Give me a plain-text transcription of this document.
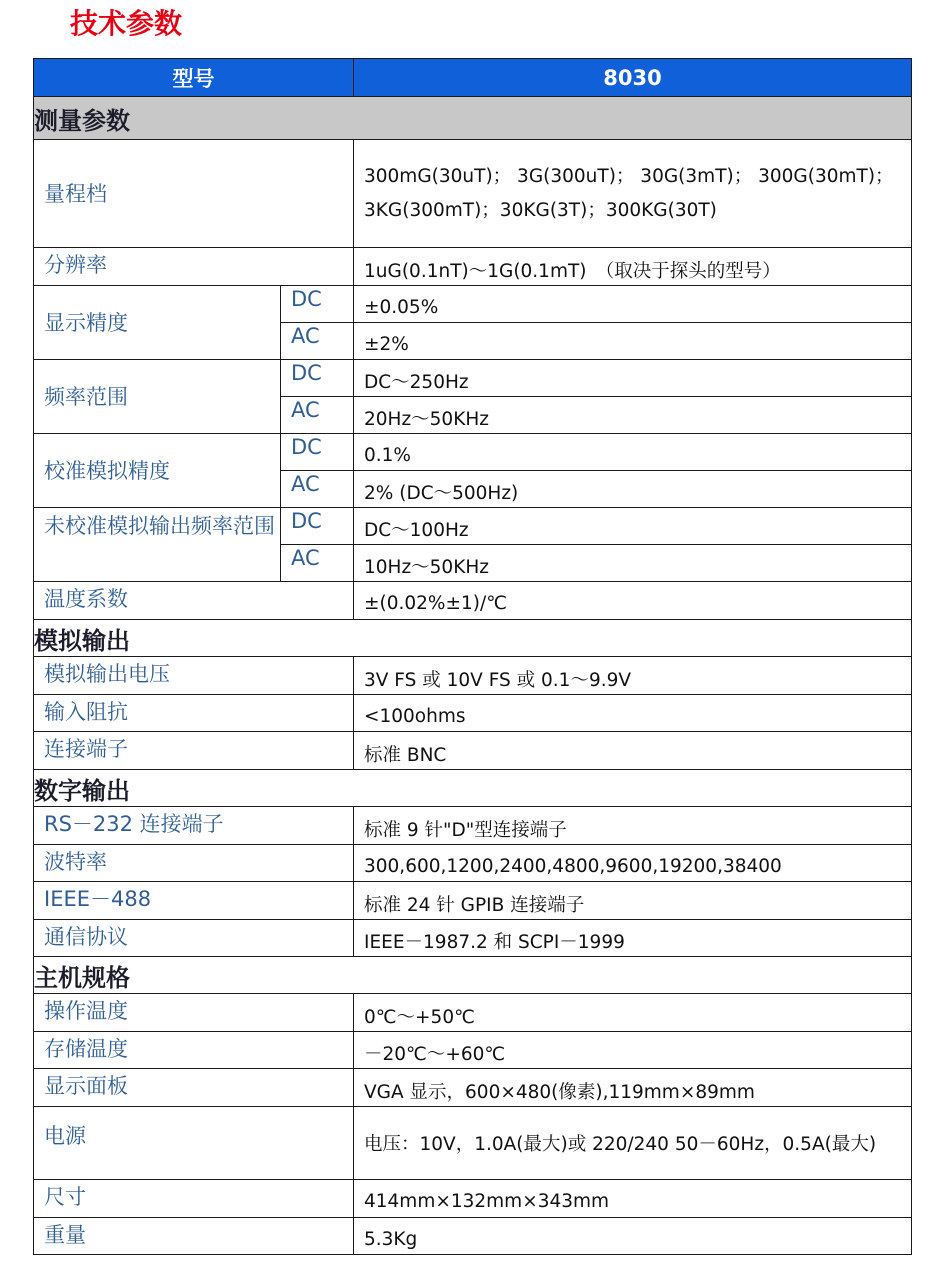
技术参数
型号		8030
测量参数		

量程档		300mG(30uT)； 3G(300uT)； 30G(3mT)； 300G(30mT)；
3KG(300mT)；30KG(3T)；300KG(30T)

分辨率		1uG(0.1nT)～1G(0.1mT)　（取决于探头的型号）

显示精度	DC	±0.05%

	AC	±2%

频率范围	DC	DC～250Hz

	AC	20Hz～50KHz

校准模拟精度	DC	0.1%

	AC	2% (DC～500Hz)

未校准模拟输出频率范围	DC	DC～100Hz

	AC	10Hz～50KHz

温度系数		±(0.02%±1)/℃

模拟输出		

模拟输出电压		3V FS 或 10V FS 或 0.1～9.9V

输入阻抗		<100ohms

连接端子		标准 BNC

数字输出		

RS－232 连接端子		标准 9 针"D"型连接端子

波特率		300,600,1200,2400,4800,9600,19200,38400

IEEE－488		标准 24 针 GPIB 连接端子

通信协议		IEEE－1987.2 和 SCPI－1999

主机规格		

操作温度		0℃～+50℃

存储温度		－20℃～+60℃

显示面板		VGA 显示，600×480(像素),119mm×89mm

电源		电压：10V，1.0A(最大)或 220/240 50－60Hz，0.5A(最大)

尺寸		414mm×132mm×343mm

重量		5.3Kg
